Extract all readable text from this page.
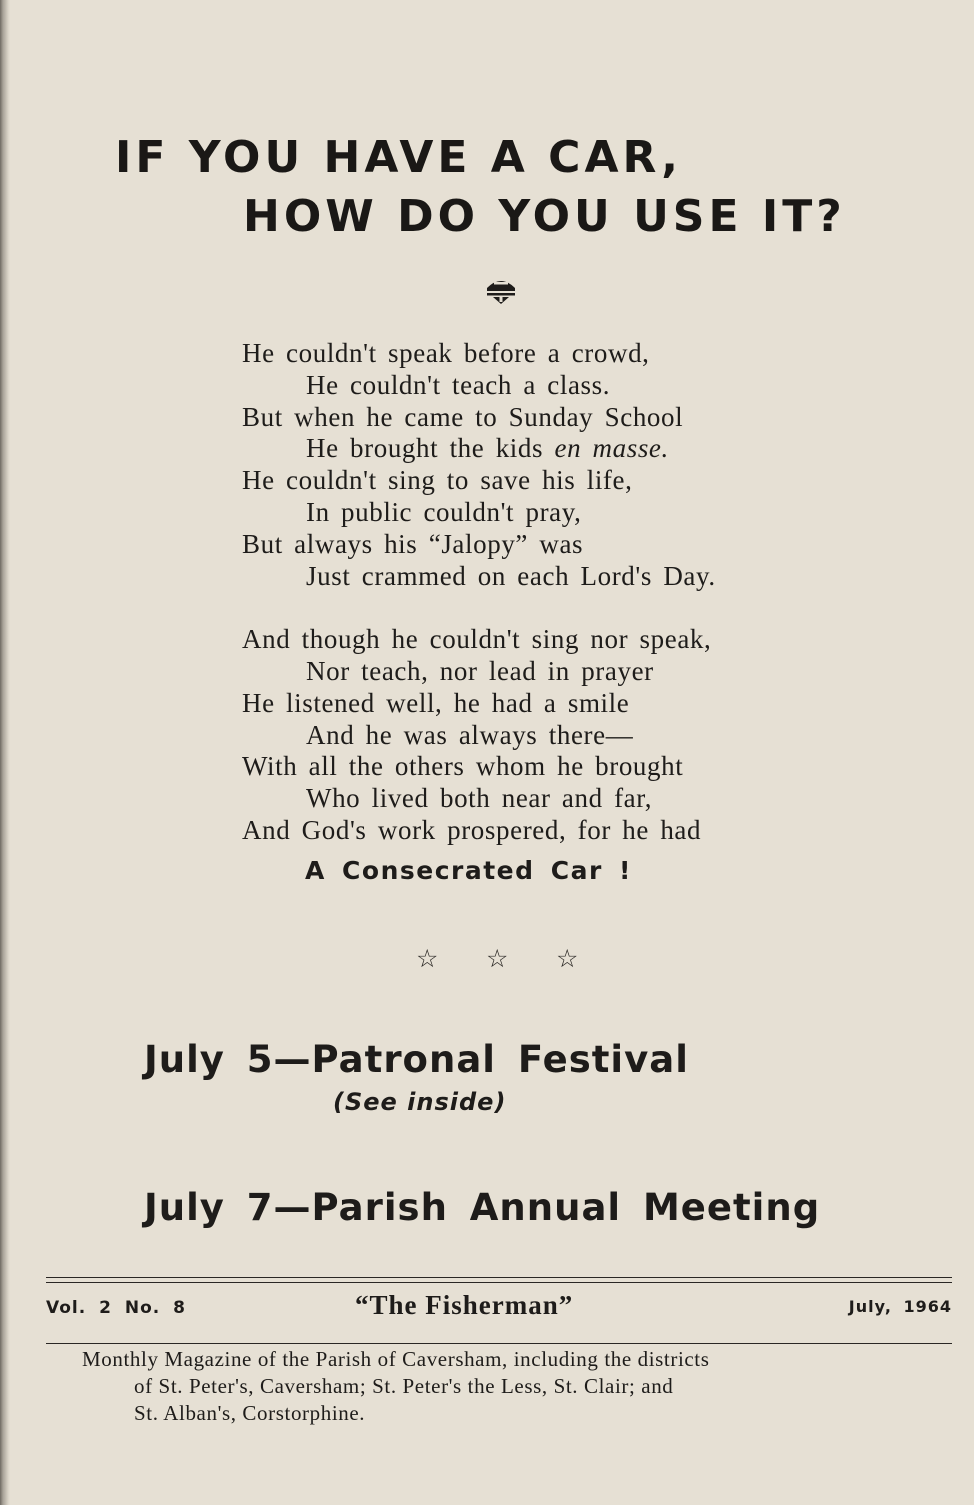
IF YOU HAVE A CAR,
HOW DO YOU USE IT?
He couldn't speak before a crowd,
He couldn't teach a class.
But when he came to Sunday School
He brought the kids en masse.
He couldn't sing to save his life,
In public couldn't pray,
But always his “Jalopy” was
Just crammed on each Lord's Day.
And though he couldn't sing nor speak,
Nor teach, nor lead in prayer
He listened well, he had a smile
And he was always there—
With all the others whom he brought
Who lived both near and far,
And God's work prospered, for he had
A Consecrated Car !
☆ ☆ ☆
July 5—Patronal Festival
(See inside)
July 7—Parish Annual Meeting
Vol. 2 No. 8	“The Fisherman”	July, 1964
Monthly Magazine of the Parish of Caversham, including the districts
of St. Peter's, Caversham; St. Peter's the Less, St. Clair; and
St. Alban's, Corstorphine.
